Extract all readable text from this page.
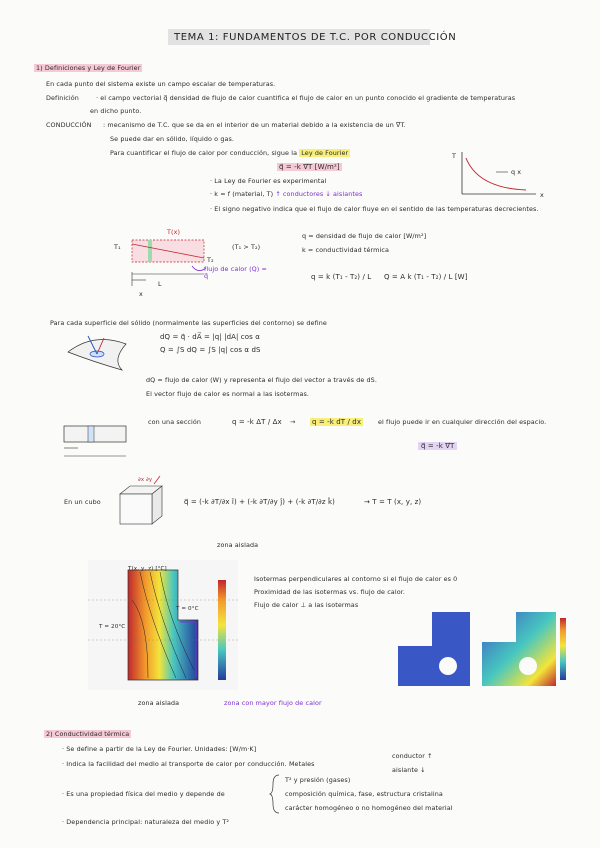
TEMA 1: FUNDAMENTOS DE T.C. POR CONDUCCIÓN
1) Definiciones y Ley de Fourier
En cada punto del sistema existe un campo escalar de temperaturas.
Definición	· el campo vectorial q⃗ densidad de flujo de calor cuantifica el flujo de calor en un punto conocido el gradiente de temperaturas
en dicho punto.
CONDUCCIÓN : mecanismo de T.C. que se da en el interior de un material debido a la existencia de un ∇⃗T.
Se puede dar en sólido, líquido o gas.
Para cuantificar el flujo de calor por conducción, sigue la Ley de Fourier
q⃗ = -k ∇⃗T [W/m²]
· La Ley de Fourier es experimental
· k = f (material, T) ↑ conductores ↓ aislantes
· El signo negativo indica que el flujo de calor fluye en el sentido de las temperaturas decrecientes.
T
q x
x
T(x)
T₁
T₂
flujo de calor (Q) = q⃗
L
x
(T₁ > T₂)
q = densidad de flujo de calor [W/m²]
k = conductividad térmica
q = k (T₁ - T₂) / L Q = A k (T₁ - T₂) / L [W]
Para cada superficie del sólido (normalmente las superficies del contorno) se define
dQ = q⃗ · dA⃗ = |q| |dA| cos α
Q = ∫S dQ = ∫S |q| cos α dS
dQ = flujo de calor (W) y representa el flujo del vector a través de dS.
El vector flujo de calor es normal a las isotermas.
con una sección	q = -k ΔT / Δx → q = -k dT / dx	el flujo puede ir en cualquier dirección del espacio.
q⃗ = -k ∇⃗T
En un cubo	q⃗ = (-k ∂T/∂x î) + (-k ∂T/∂y ĵ) + (-k ∂T/∂z k̂)	→ T = T (x, y, z)
∂x ∂y
T(x, y, z) [°C]
T = 0°C
T = 20°C
zona aislada
zona aislada	zona con mayor flujo de calor
Isotermas perpendiculares al contorno si el flujo de calor es 0
Proximidad de las isotermas vs. flujo de calor.
Flujo de calor ⊥ a las isotermas
2) Conductividad térmica
· Se define a partir de la Ley de Fourier. Unidades: [W/m·K]
· Indica la facilidad del medio al transporte de calor por conducción. Metales
conductor ↑
aislante ↓
· Es una propiedad física del medio y depende de
T² y presión (gases)
composición química, fase, estructura cristalina
carácter homogéneo o no homogéneo del material
· Dependencia principal: naturaleza del medio y T²
